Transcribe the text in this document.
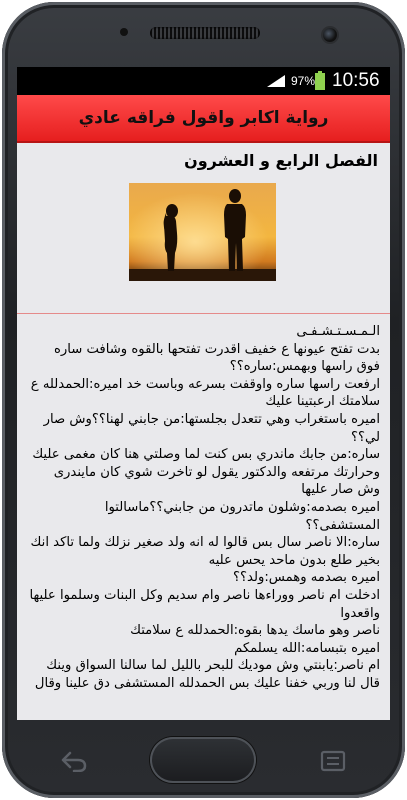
97% 10:56
رواية اكابر واقول فراقه عادي
الفصل الرابع و العشرون
الـمـسـتـشـفـى
بدت تفتح عيونها ع خفيف اقدرت تفتحها بالقوه وشافت ساره
فوق راسها وبهمس:ساره؟؟
ارفعت راسها ساره واوقفت بسرعه وباست خد اميره:الحمدلله ع
سلامتك ارعبتينا عليك
اميره باستغراب وهي تتعدل بجلستها:من جابني لهنا؟؟وش صار
لي؟؟
ساره:من جابك ماندري بس كنت لما وصلتي هنا كان مغمى عليك
وحرارتك مرتفعه والدكتور يقول لو تاخرت شوي كان مايندرى
وش صار عليها
اميره بصدمه:وشلون ماتدرون من جابني؟؟ماسالتوا
المستشفى؟؟
ساره:الا ناصر سال بس قالوا له انه ولد صغير نزلك ولما تاكد انك
بخير طلع بدون ماحد يحس عليه
اميره بصدمه وهمس:ولد؟؟
ادخلت ام ناصر ووراءها ناصر وام سديم وكل البنات وسلموا عليها
واقعدوا
ناصر وهو ماسك يدها بقوه:الحمدلله ع سلامتك
اميره بتبسامه:الله يسلمكم
ام ناصر:يابنتي وش موديك للبحر بالليل لما سالنا السواق وينك
قال لنا وربي خفنا عليك بس الحمدلله المستشفى دق علينا وقال
